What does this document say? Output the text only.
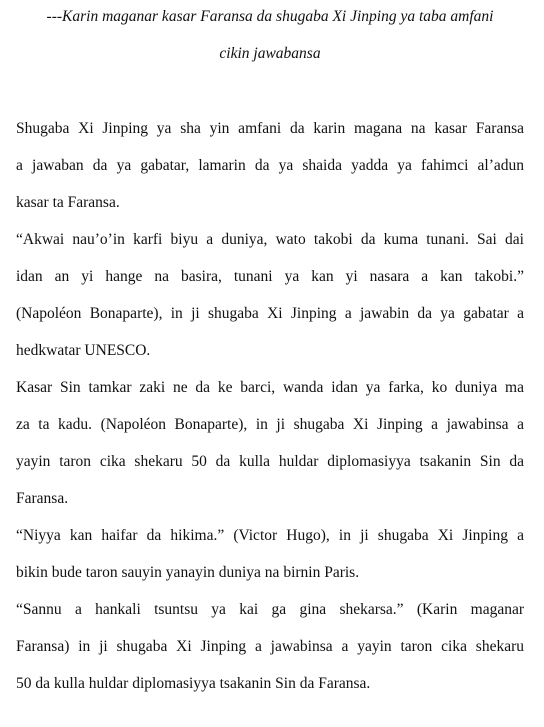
---Karin maganar kasar Faransa da shugaba Xi Jinping ya taba amfani
cikin jawabansa

Shugaba Xi Jinping ya sha yin amfani da karin magana na kasar Faransa
a jawaban da ya gabatar, lamarin da ya shaida yadda ya fahimci al’adun
kasar ta Faransa.

“Akwai nau’o’in karfi biyu a duniya, wato takobi da kuma tunani. Sai dai
idan an yi hange na basira, tunani ya kan yi nasara a kan takobi.”
(Napoléon Bonaparte), in ji shugaba Xi Jinping a jawabin da ya gabatar a
hedkwatar UNESCO.

Kasar Sin tamkar zaki ne da ke barci, wanda idan ya farka, ko duniya ma
za ta kadu. (Napoléon Bonaparte), in ji shugaba Xi Jinping a jawabinsa a
yayin taron cika shekaru 50 da kulla huldar diplomasiyya tsakanin Sin da
Faransa.

“Niyya kan haifar da hikima.” (Victor Hugo), in ji shugaba Xi Jinping a
bikin bude taron sauyin yanayin duniya na birnin Paris.

“Sannu a hankali tsuntsu ya kai ga gina shekarsa.” (Karin maganar
Faransa) in ji shugaba Xi Jinping a jawabinsa a yayin taron cika shekaru
50 da kulla huldar diplomasiyya tsakanin Sin da Faransa.
